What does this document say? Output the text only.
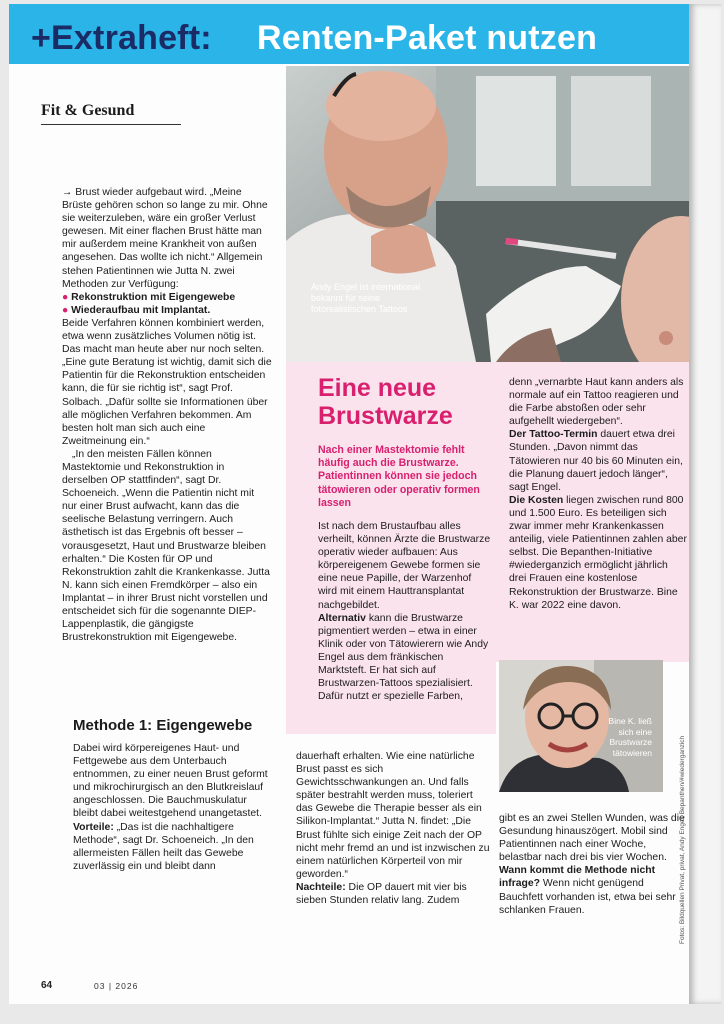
+Extraheft: Renten-Paket nutzen
Fit & Gesund

→ Brust wieder aufgebaut wird. „Meine Brüste gehören schon so lange zu mir. Ohne sie weiterzuleben, wäre ein großer Verlust gewesen. Mit einer flachen Brust hätte man mir außerdem meine Krankheit von außen angesehen. Das wollte ich nicht.“ Allgemein stehen Patientinnen wie Jutta N. zwei Methoden zur Verfügung:

● Rekonstruktion mit Eigengewebe

● Wiederaufbau mit Implantat.

Beide Verfahren können kombiniert werden, etwa wenn zusätzliches Volumen nötig ist. Das macht man heute aber nur noch selten. „Eine gute Beratung ist wichtig, damit sich die Patientin für die Rekonstruktion entscheiden kann, die für sie richtig ist“, sagt Prof. Solbach. „Dafür sollte sie Informationen über alle möglichen Verfahren bekommen. Am besten holt man sich auch eine Zweitmeinung ein.“

„In den meisten Fällen können Mastektomie und Rekonstruktion in derselben OP stattfinden“, sagt Dr. Schoeneich. „Wenn die Patientin nicht mit nur einer Brust aufwacht, kann das die seelische Belastung verringern. Auch ästhetisch ist das Ergebnis oft besser – vorausgesetzt, Haut und Brustwarze bleiben erhalten.“ Die Kosten für OP und Rekonstruktion zahlt die Krankenkasse. Jutta N. kann sich einen Fremdkörper – also ein Implantat – in ihrer Brust nicht vorstellen und entscheidet sich für die sogenannte DIEP-Lappenplastik, die gängigste Brustrekonstruktion mit Eigengewebe.

Methode 1: Eigengewebe

Dabei wird körpereigenes Haut- und Fettgewebe aus dem Unterbauch entnommen, zu einer neuen Brust geformt und mikrochirurgisch an den Blutkreislauf angeschlossen. Die Bauchmuskulatur bleibt dabei weitestgehend unangetastet.

Vorteile: „Das ist die nachhaltigere Methode“, sagt Dr. Schoeneich. „In den allermeisten Fällen heilt das Gewebe zuverlässig ein und bleibt dann

Andy Engel ist international bekannt für seine fotorealistischen Tattoos
Eine neue Brustwarze
Nach einer Mastektomie fehlt häufig auch die Brustwarze. Patientinnen können sie jedoch tätowieren oder operativ formen lassen

Ist nach dem Brustaufbau alles verheilt, können Ärzte die Brustwarze operativ wieder aufbauen: Aus körpereigenem Gewebe formen sie eine neue Papille, der Warzenhof wird mit einem Hauttransplantat nachgebildet.

Alternativ kann die Brustwarze pigmentiert werden – etwa in einer Klinik oder von Tätowierern wie Andy Engel aus dem fränkischen Marktsteft. Er hat sich auf Brustwarzen-Tattoos spezialisiert. Dafür nutzt er spezielle Farben,

denn „vernarbte Haut kann anders als normale auf ein Tattoo reagieren und die Farbe abstoßen oder sehr aufgehellt wiedergeben“.

Der Tattoo-Termin dauert etwa drei Stunden. „Davon nimmt das Tätowieren nur 40 bis 60 Minuten ein, die Planung dauert jedoch länger“, sagt Engel.

Die Kosten liegen zwischen rund 800 und 1.500 Euro. Es beteiligen sich zwar immer mehr Krankenkassen anteilig, viele Patientinnen zahlen aber selbst. Die Bepanthen-Initiative #wiederganzich ermöglicht jährlich drei Frauen eine kostenlose Rekonstruktion der Brustwarze. Bine K. war 2022 eine davon.

Bine K. ließ sich eine Brustwarze tätowieren

dauerhaft erhalten. Wie eine natürliche Brust passt es sich Gewichtsschwankungen an. Und falls später bestrahlt werden muss, toleriert das Gewebe die Therapie besser als ein Silikon-Implantat.“ Jutta N. findet: „Die Brust fühlte sich einige Zeit nach der OP nicht mehr fremd an und ist inzwischen zu einem natürlichen Körperteil von mir geworden.“

Nachteile: Die OP dauert mit vier bis sieben Stunden relativ lang. Zudem

gibt es an zwei Stellen Wunden, was die Gesundung hinauszögert. Mobil sind Patientinnen nach einer Woche, belastbar nach drei bis vier Wochen.

Wann kommt die Methode nicht infrage? Wenn nicht genügend Bauchfett vorhanden ist, etwa bei sehr schlanken Frauen.	Fotos: Bildquellen Privat, privat, Andy Engel, Bepanthen/#wiederganzich
64	03 | 2026
